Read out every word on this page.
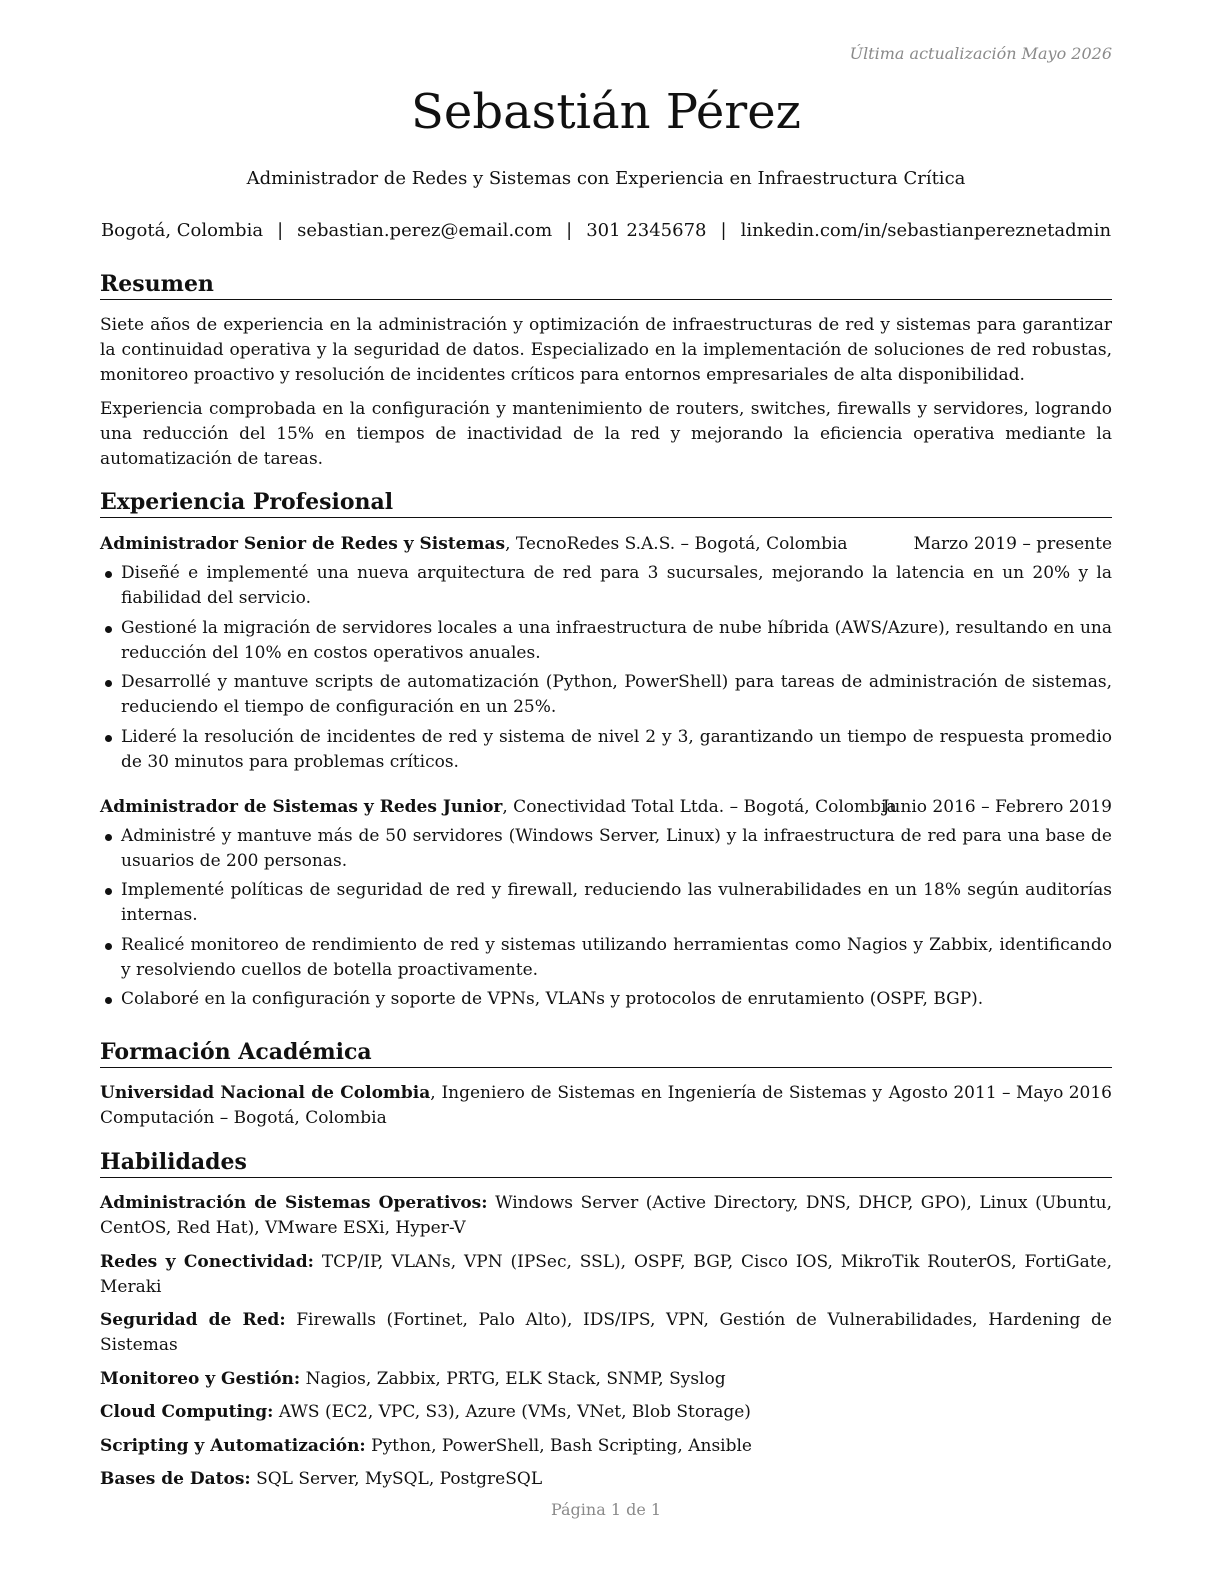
Última actualización Mayo 2026
Sebastián Pérez
Administrador de Redes y Sistemas con Experiencia en Infraestructura Crítica
Bogotá, Colombia | sebastian.perez@email.com | 301 2345678 | linkedin.com/in/sebastianpereznetadmin
Resumen

Siete años de experiencia en la administración y optimización de infraestructuras de red y sistemas para garantizar la continuidad operativa y la seguridad de datos. Especializado en la implementación de soluciones de red robustas, monitoreo proactivo y resolución de incidentes críticos para entornos empresariales de alta disponibilidad.

Experiencia comprobada en la configuración y mantenimiento de routers, switches, firewalls y servidores, logrando una reducción del 15% en tiempos de inactividad de la red y mejorando la eficiencia operativa mediante la automatización de tareas.

Experiencia Profesional
Administrador Senior de Redes y Sistemas, TecnoRedes S.A.S. – Bogotá, Colombia	Marzo 2019 – presente
Diseñé e implementé una nueva arquitectura de red para 3 sucursales, mejorando la latencia en un 20% y la fiabilidad del servicio.
Gestioné la migración de servidores locales a una infraestructura de nube híbrida (AWS/Azure), resultando en una reducción del 10% en costos operativos anuales.
Desarrollé y mantuve scripts de automatización (Python, PowerShell) para tareas de administración de sistemas, reduciendo el tiempo de configuración en un 25%.
Lideré la resolución de incidentes de red y sistema de nivel 2 y 3, garantizando un tiempo de respuesta promedio de 30 minutos para problemas críticos.
Administrador de Sistemas y Redes Junior, Conectividad Total Ltda. – Bogotá, Colombia
Junio 2016 – Febrero 2019
Administré y mantuve más de 50 servidores (Windows Server, Linux) y la infraestructura de red para una base de usuarios de 200 personas.
Implementé políticas de seguridad de red y firewall, reduciendo las vulnerabilidades en un 18% según auditorías internas.
Realicé monitoreo de rendimiento de red y sistemas utilizando herramientas como Nagios y Zabbix, identificando y resolviendo cuellos de botella proactivamente.
Colaboré en la configuración y soporte de VPNs, VLANs y protocolos de enrutamiento (OSPF, BGP).
Formación Académica
Universidad Nacional de Colombia, Ingeniero de Sistemas en Ingeniería de Sistemas y Computación – Bogotá, Colombia
Agosto 2011 – Mayo 2016
Habilidades
Administración de Sistemas Operativos: Windows Server (Active Directory, DNS, DHCP, GPO), Linux (Ubuntu, CentOS, Red Hat), VMware ESXi, Hyper-V
Redes y Conectividad: TCP/IP, VLANs, VPN (IPSec, SSL), OSPF, BGP, Cisco IOS, MikroTik RouterOS, FortiGate, Meraki
Seguridad de Red: Firewalls (Fortinet, Palo Alto), IDS/IPS, VPN, Gestión de Vulnerabilidades, Hardening de Sistemas
Monitoreo y Gestión: Nagios, Zabbix, PRTG, ELK Stack, SNMP, Syslog
Cloud Computing: AWS (EC2, VPC, S3), Azure (VMs, VNet, Blob Storage)
Scripting y Automatización: Python, PowerShell, Bash Scripting, Ansible
Bases de Datos: SQL Server, MySQL, PostgreSQL
Página 1 de 1
